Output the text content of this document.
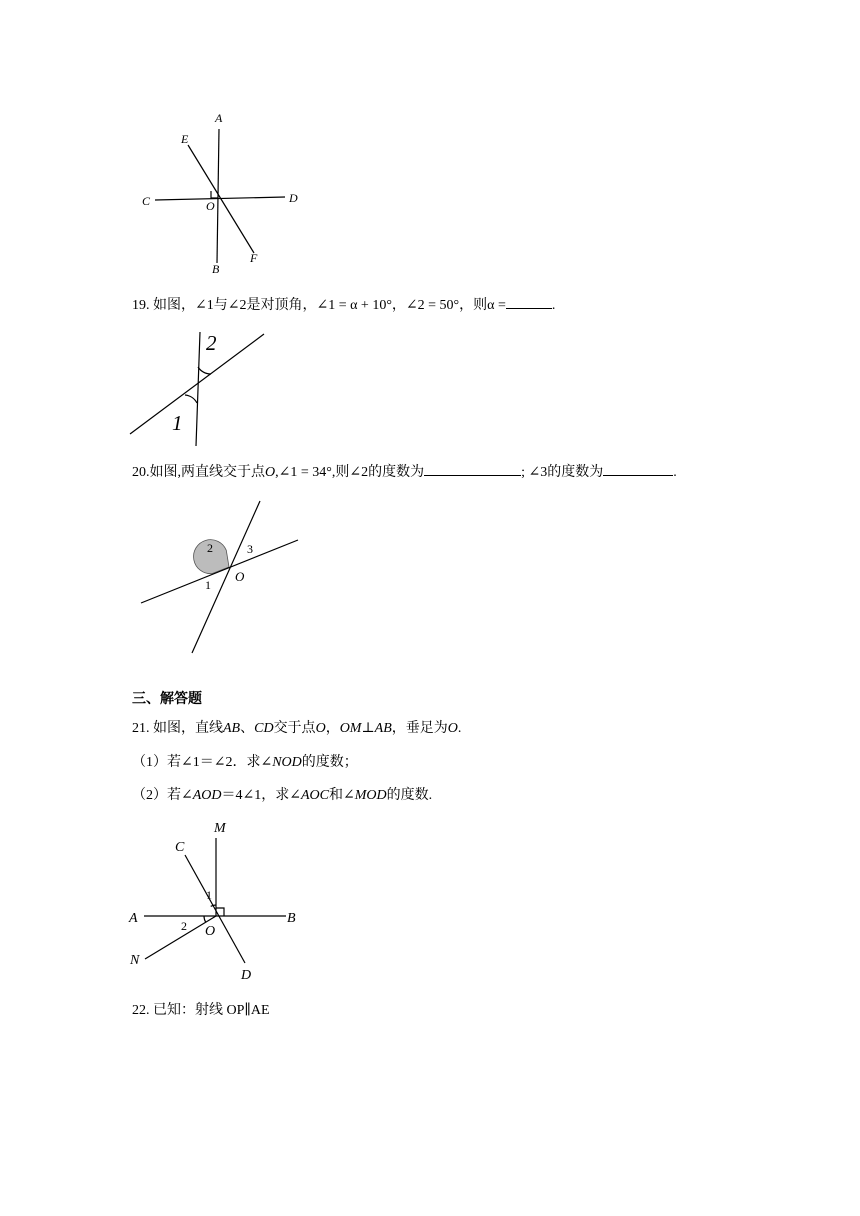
A
E
C	O
D
B
F
19. 如图，∠1与∠2是对顶角，∠1 = α + 10°，∠2 = 50°，则α =	.
2
1
20.如图,两直线交于点O,∠1 = 34°,则∠2的度数为	; ∠3的度数为	.
2	3
1
O
三、解答题
21. 如图，直线AB、CD交于点O，OM⊥AB，垂足为O.
（1）若∠1＝∠2．求∠NOD的度数；
（2）若∠AOD＝4∠1，求∠AOC和∠MOD的度数.
M
C
A	B
O
N
D
1
2
22. 已知：射线 OP∥AE
